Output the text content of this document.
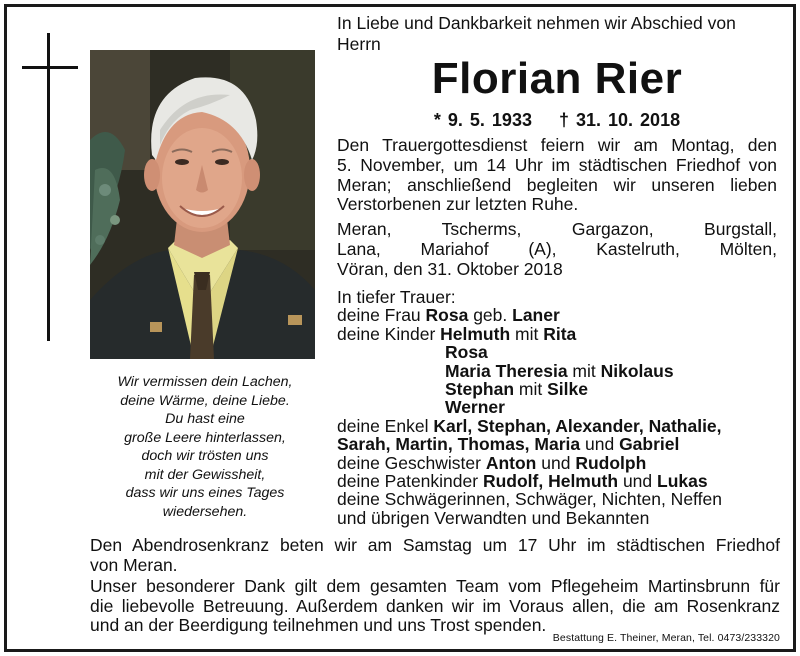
Wir vermissen dein Lachen,
deine Wärme, deine Liebe.
Du hast eine
große Leere hinterlassen,
doch wir trösten uns
mit der Gewissheit,
dass wir uns eines Tages
wiedersehen.
In Liebe und Dankbarkeit nehmen wir Abschied von
Herrn
Florian Rier
* 9. 5. 1933 † 31. 10. 2018
Den Trauergottesdienst feiern wir am Montag, den
5. November, um 14 Uhr im städtischen Friedhof von
Meran; anschließend begleiten wir unseren lieben
Verstorbenen zur letzten Ruhe.
Meran, Tscherms, Gargazon, Burgstall,
Lana, Mariahof (A), Kastelruth, Mölten,
Vöran, den 31. Oktober 2018
In tiefer Trauer:
deine Frau Rosa geb. Laner
deine Kinder Helmuth mit Rita
Rosa
Maria Theresia mit Nikolaus
Stephan mit Silke
Werner
deine Enkel Karl, Stephan, Alexander, Nathalie,
Sarah, Martin, Thomas, Maria und Gabriel
deine Geschwister Anton und Rudolph
deine Patenkinder Rudolf, Helmuth und Lukas
deine Schwägerinnen, Schwäger, Nichten, Neffen
und übrigen Verwandten und Bekannten
Den Abendrosenkranz beten wir am Samstag um 17 Uhr im städtischen Friedhof
von Meran.
Unser besonderer Dank gilt dem gesamten Team vom Pflegeheim Martinsbrunn für
die liebevolle Betreuung. Außerdem danken wir im Voraus allen, die am Rosenkranz
und an der Beerdigung teilnehmen und uns Trost spenden.
Bestattung E. Theiner, Meran, Tel. 0473/233320
